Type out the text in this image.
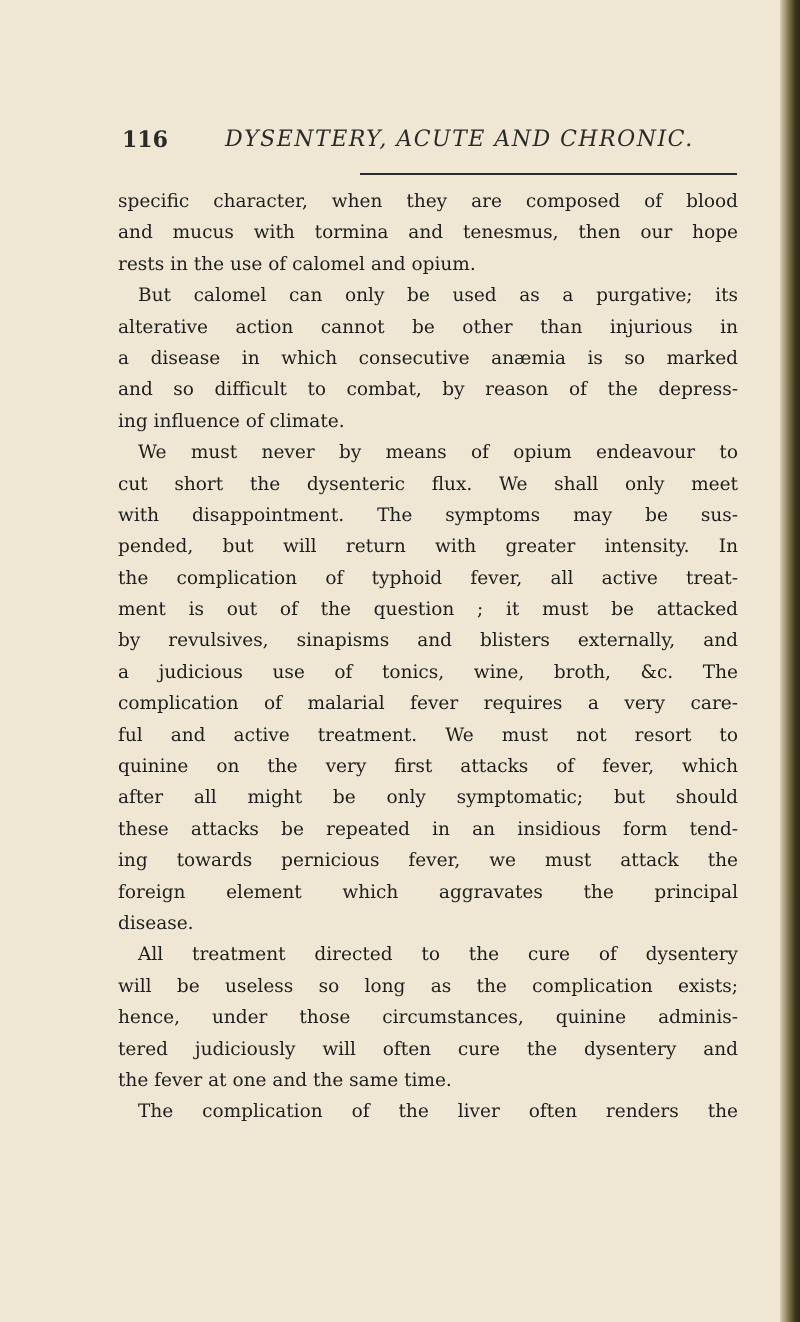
116	DYSENTERY, ACUTE AND CHRONIC.
specific character, when they are composed of blood
and mucus with tormina and tenesmus, then our hope
rests in the use of calomel and opium.
But calomel can only be used as a purgative; its
alterative action cannot be other than injurious in
a disease in which consecutive anæmia is so marked
and so difficult to combat, by reason of the depress-
ing influence of climate.
We must never by means of opium endeavour to
cut short the dysenteric flux. We shall only meet
with disappointment. The symptoms may be sus-
pended, but will return with greater intensity. In
the complication of typhoid fever, all active treat-
ment is out of the question ; it must be attacked
by revulsives, sinapisms and blisters externally, and
a judicious use of tonics, wine, broth, &c. The
complication of malarial fever requires a very care-
ful and active treatment. We must not resort to
quinine on the very first attacks of fever, which
after all might be only symptomatic; but should
these attacks be repeated in an insidious form tend-
ing towards pernicious fever, we must attack the
foreign element which aggravates the principal
disease.
All treatment directed to the cure of dysentery
will be useless so long as the complication exists;
hence, under those circumstances, quinine adminis-
tered judiciously will often cure the dysentery and
the fever at one and the same time.
The complication of the liver often renders the
